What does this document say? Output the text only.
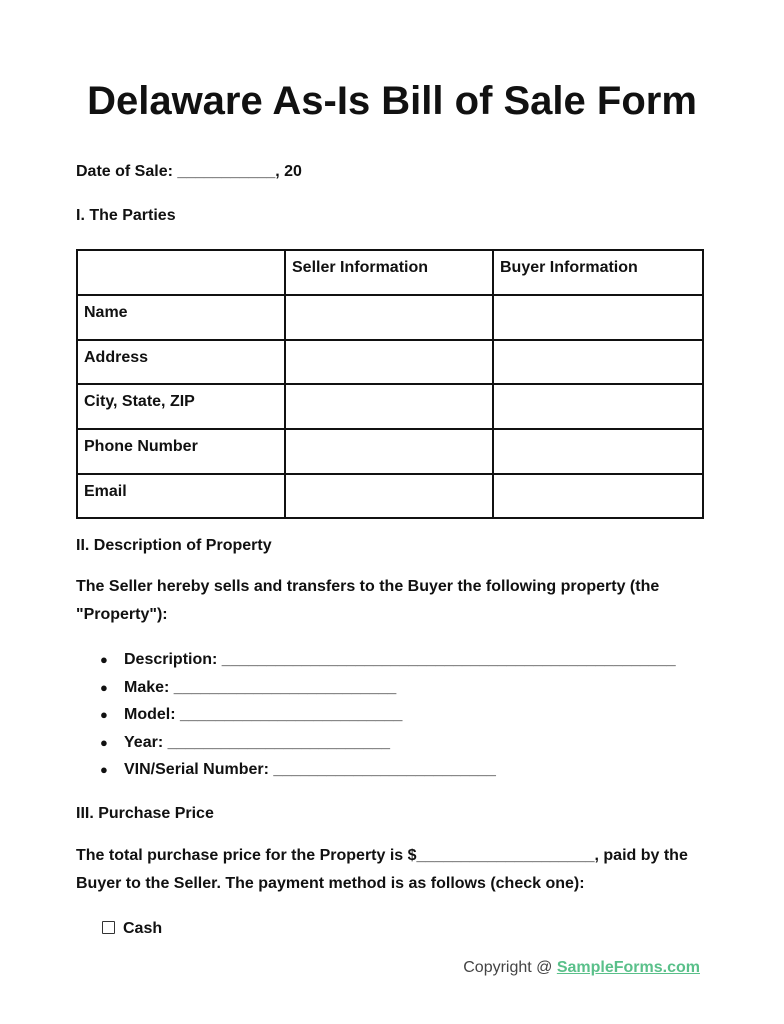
Delaware As-Is Bill of Sale Form
Date of Sale: ___________, 20
I. The Parties
	Seller Information	Buyer Information
Name		
Address		
City, State, ZIP		
Phone Number		
Email		
II. Description of Property
The Seller hereby sells and transfers to the Buyer the following property (the "Property"):
● Description: ___________________________________________________
● Make: _________________________
● Model: _________________________
● Year: _________________________
● VIN/Serial Number: _________________________
III. Purchase Price
The total purchase price for the Property is $____________________, paid by the Buyer to the Seller. The payment method is as follows (check one):
Cash
Copyright @ SampleForms.com
